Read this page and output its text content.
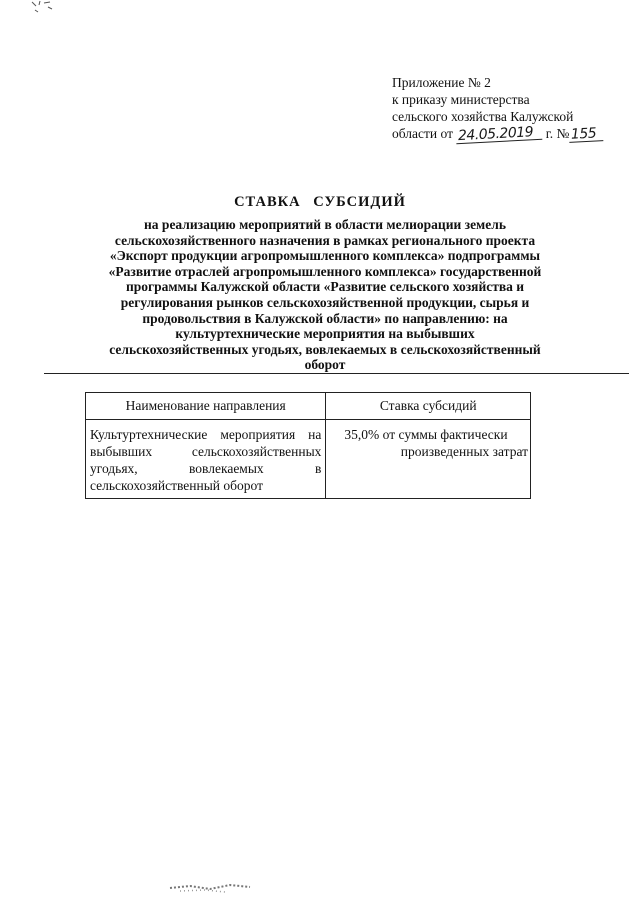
Приложение № 2
к приказу министерства
сельского хозяйства Калужской
области от 24.05.2019 г. № 155
СТАВКА СУБСИДИЙ
на реализацию мероприятий в области мелиорации земель
сельскохозяйственного назначения в рамках регионального проекта
«Экспорт продукции агропромышленного комплекса» подпрограммы
«Развитие отраслей агропромышленного комплекса» государственной
программы Калужской области «Развитие сельского хозяйства и
регулирования рынков сельскохозяйственной продукции, сырья и
продовольствия в Калужской области» по направлению: на
культуртехнические мероприятия на выбывших
сельскохозяйственных угодьях, вовлекаемых в сельскохозяйственный
оборот
Наименование направления	Ставка субсидий
Культуртехнические мероприятия на выбывших сельскохозяйственных угодьях, вовлекаемых в сельскохозяйственный оборот	35,0% от суммы фактически
произведенных затрат
